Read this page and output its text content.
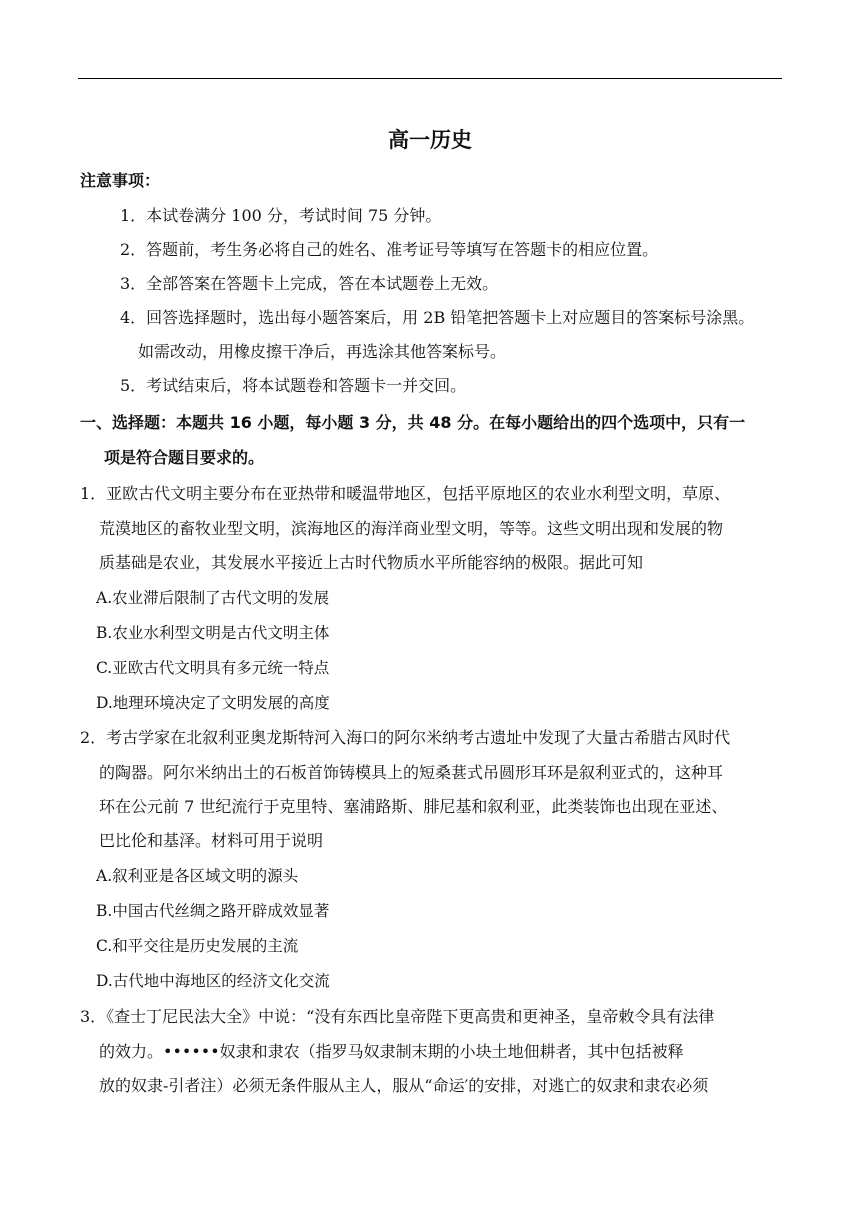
高一历史
注意事项：
1．本试卷满分 100 分，考试时间 75 分钟。
2．答题前，考生务必将自己的姓名、准考证号等填写在答题卡的相应位置。
3．全部答案在答题卡上完成，答在本试题卷上无效。
4．回答选择题时，选出每小题答案后，用 2B 铅笔把答题卡上对应题目的答案标号涂黑。
如需改动，用橡皮擦干净后，再选涂其他答案标号。
5．考试结束后，将本试题卷和答题卡一并交回。
一、选择题：本题共 16 小题，每小题 3 分，共 48 分。在每小题给出的四个选项中，只有一
项是符合题目要求的。
1．亚欧古代文明主要分布在亚热带和暖温带地区，包括平原地区的农业水利型文明，草原、
荒漠地区的畜牧业型文明，滨海地区的海洋商业型文明，等等。这些文明出现和发展的物
质基础是农业，其发展水平接近上古时代物质水平所能容纳的极限。据此可知
A.农业滞后限制了古代文明的发展
B.农业水利型文明是古代文明主体
C.亚欧古代文明具有多元统一特点
D.地理环境决定了文明发展的高度
2．考古学家在北叙利亚奥龙斯特河入海口的阿尔米纳考古遗址中发现了大量古希腊古风时代
的陶器。阿尔米纳出土的石板首饰铸模具上的短桑葚式吊圆形耳环是叙利亚式的，这种耳
环在公元前 7 世纪流行于克里特、塞浦路斯、腓尼基和叙利亚，此类装饰也出现在亚述、
巴比伦和基泽。材料可用于说明
A.叙利亚是各区域文明的源头
B.中国古代丝绸之路开辟成效显著
C.和平交往是历史发展的主流
D.古代地中海地区的经济文化交流
3．《查士丁尼民法大全》中说：“没有东西比皇帝陛下更高贵和更神圣，皇帝敕令具有法律
的效力。••••••奴隶和隶农（指罗马奴隶制末期的小块土地佃耕者，其中包括被释
放的奴隶-引者注）必须无条件服从主人，服从“命运′的安排，对逃亡的奴隶和隶农必须
